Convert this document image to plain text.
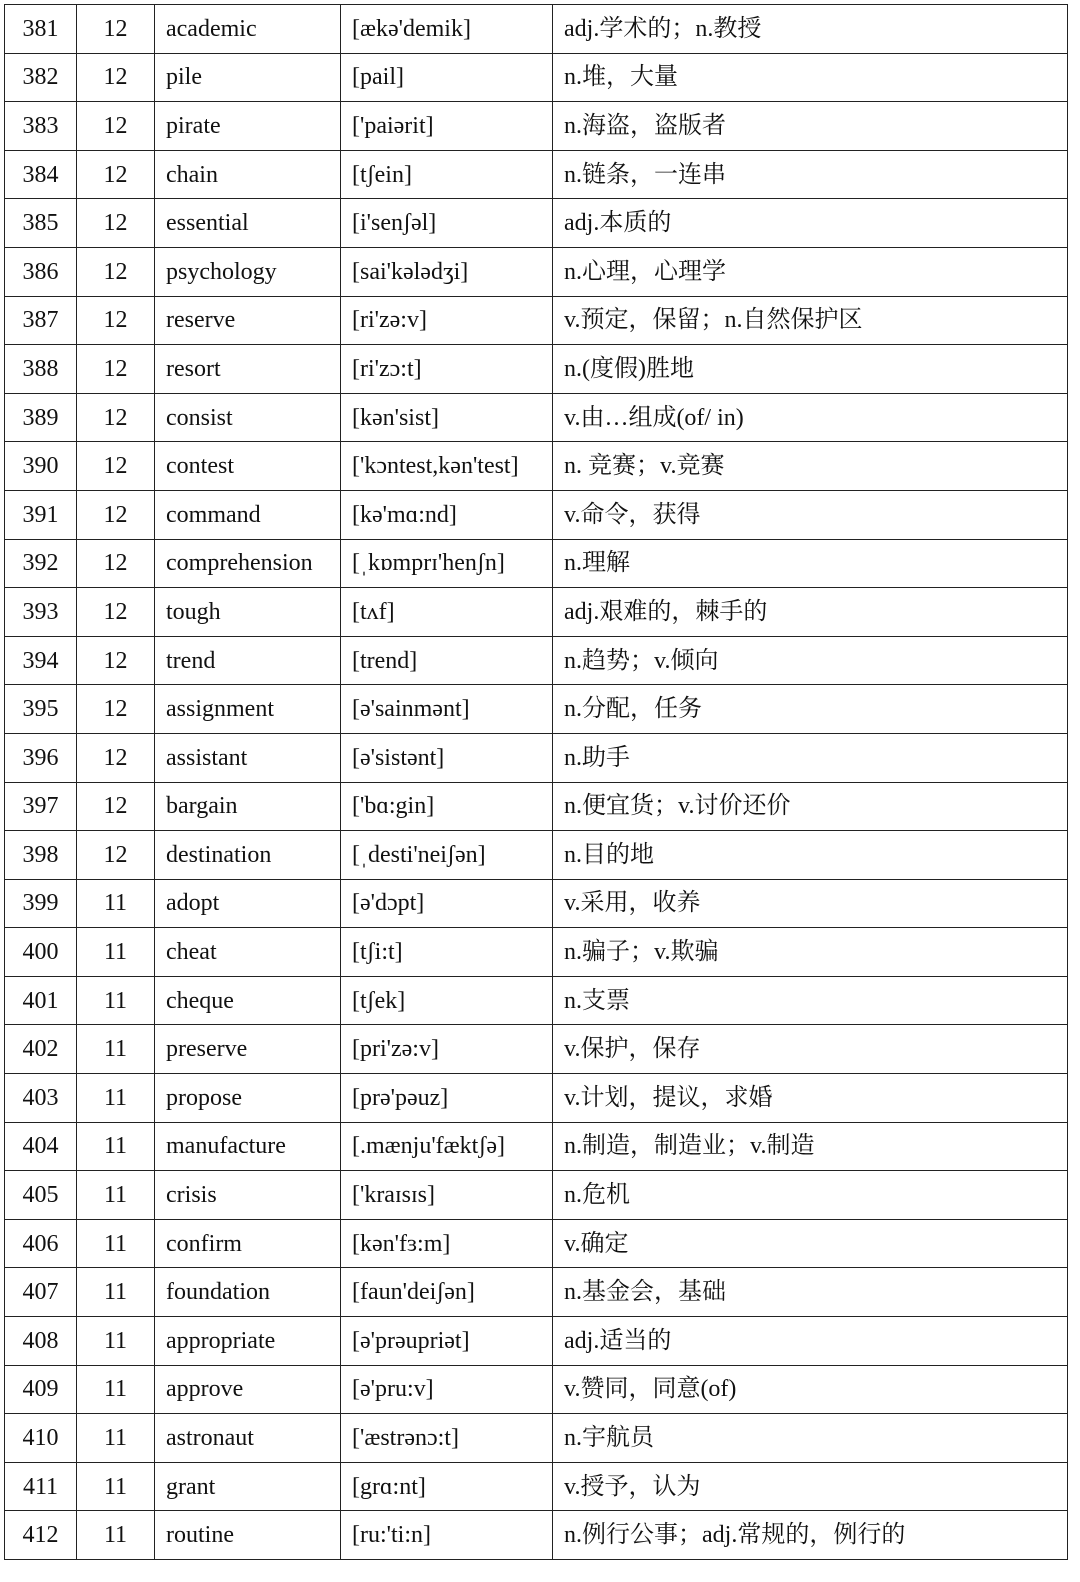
381	12	academic	[ækə'demik]	adj.学术的；n.教授
382	12	pile	[pail]	n.堆，大量
383	12	pirate	['paiərit]	n.海盗，盗版者
384	12	chain	[tʃein]	n.链条，一连串
385	12	essential	[i'senʃəl]	adj.本质的
386	12	psychology	[sai'kələdʒi]	n.心理，心理学
387	12	reserve	[ri'zə:v]	v.预定，保留；n.自然保护区
388	12	resort	[ri'zɔ:t]	n.(度假)胜地
389	12	consist	[kən'sist]	v.由…组成(of/ in)
390	12	contest	['kɔntest,kən'test]	n. 竞赛；v.竞赛
391	12	command	[kə'mɑ:nd]	v.命令，获得
392	12	comprehension	[ˌkɒmprɪ'henʃn]	n.理解
393	12	tough	[tʌf]	adj.艰难的，棘手的
394	12	trend	[trend]	n.趋势；v.倾向
395	12	assignment	[ə'sainmənt]	n.分配，任务
396	12	assistant	[ə'sistənt]	n.助手
397	12	bargain	['bɑ:gin]	n.便宜货；v.讨价还价
398	12	destination	[ˌdesti'neiʃən]	n.目的地
399	11	adopt	[ə'dɔpt]	v.采用，收养
400	11	cheat	[tʃi:t]	n.骗子；v.欺骗
401	11	cheque	[tʃek]	n.支票
402	11	preserve	[pri'zə:v]	v.保护，保存
403	11	propose	[prə'pəuz]	v.计划，提议，求婚
404	11	manufacture	[.mænju'fæktʃə]	n.制造，制造业；v.制造
405	11	crisis	['kraɪsɪs]	n.危机
406	11	confirm	[kən'fɜ:m]	v.确定
407	11	foundation	[faun'deiʃən]	n.基金会，基础
408	11	appropriate	[ə'prəupriət]	adj.适当的
409	11	approve	[ə'pru:v]	v.赞同，同意(of)
410	11	astronaut	['æstrənɔ:t]	n.宇航员
411	11	grant	[grɑ:nt]	v.授予，认为
412	11	routine	[ru:'ti:n]	n.例行公事；adj.常规的，例行的
